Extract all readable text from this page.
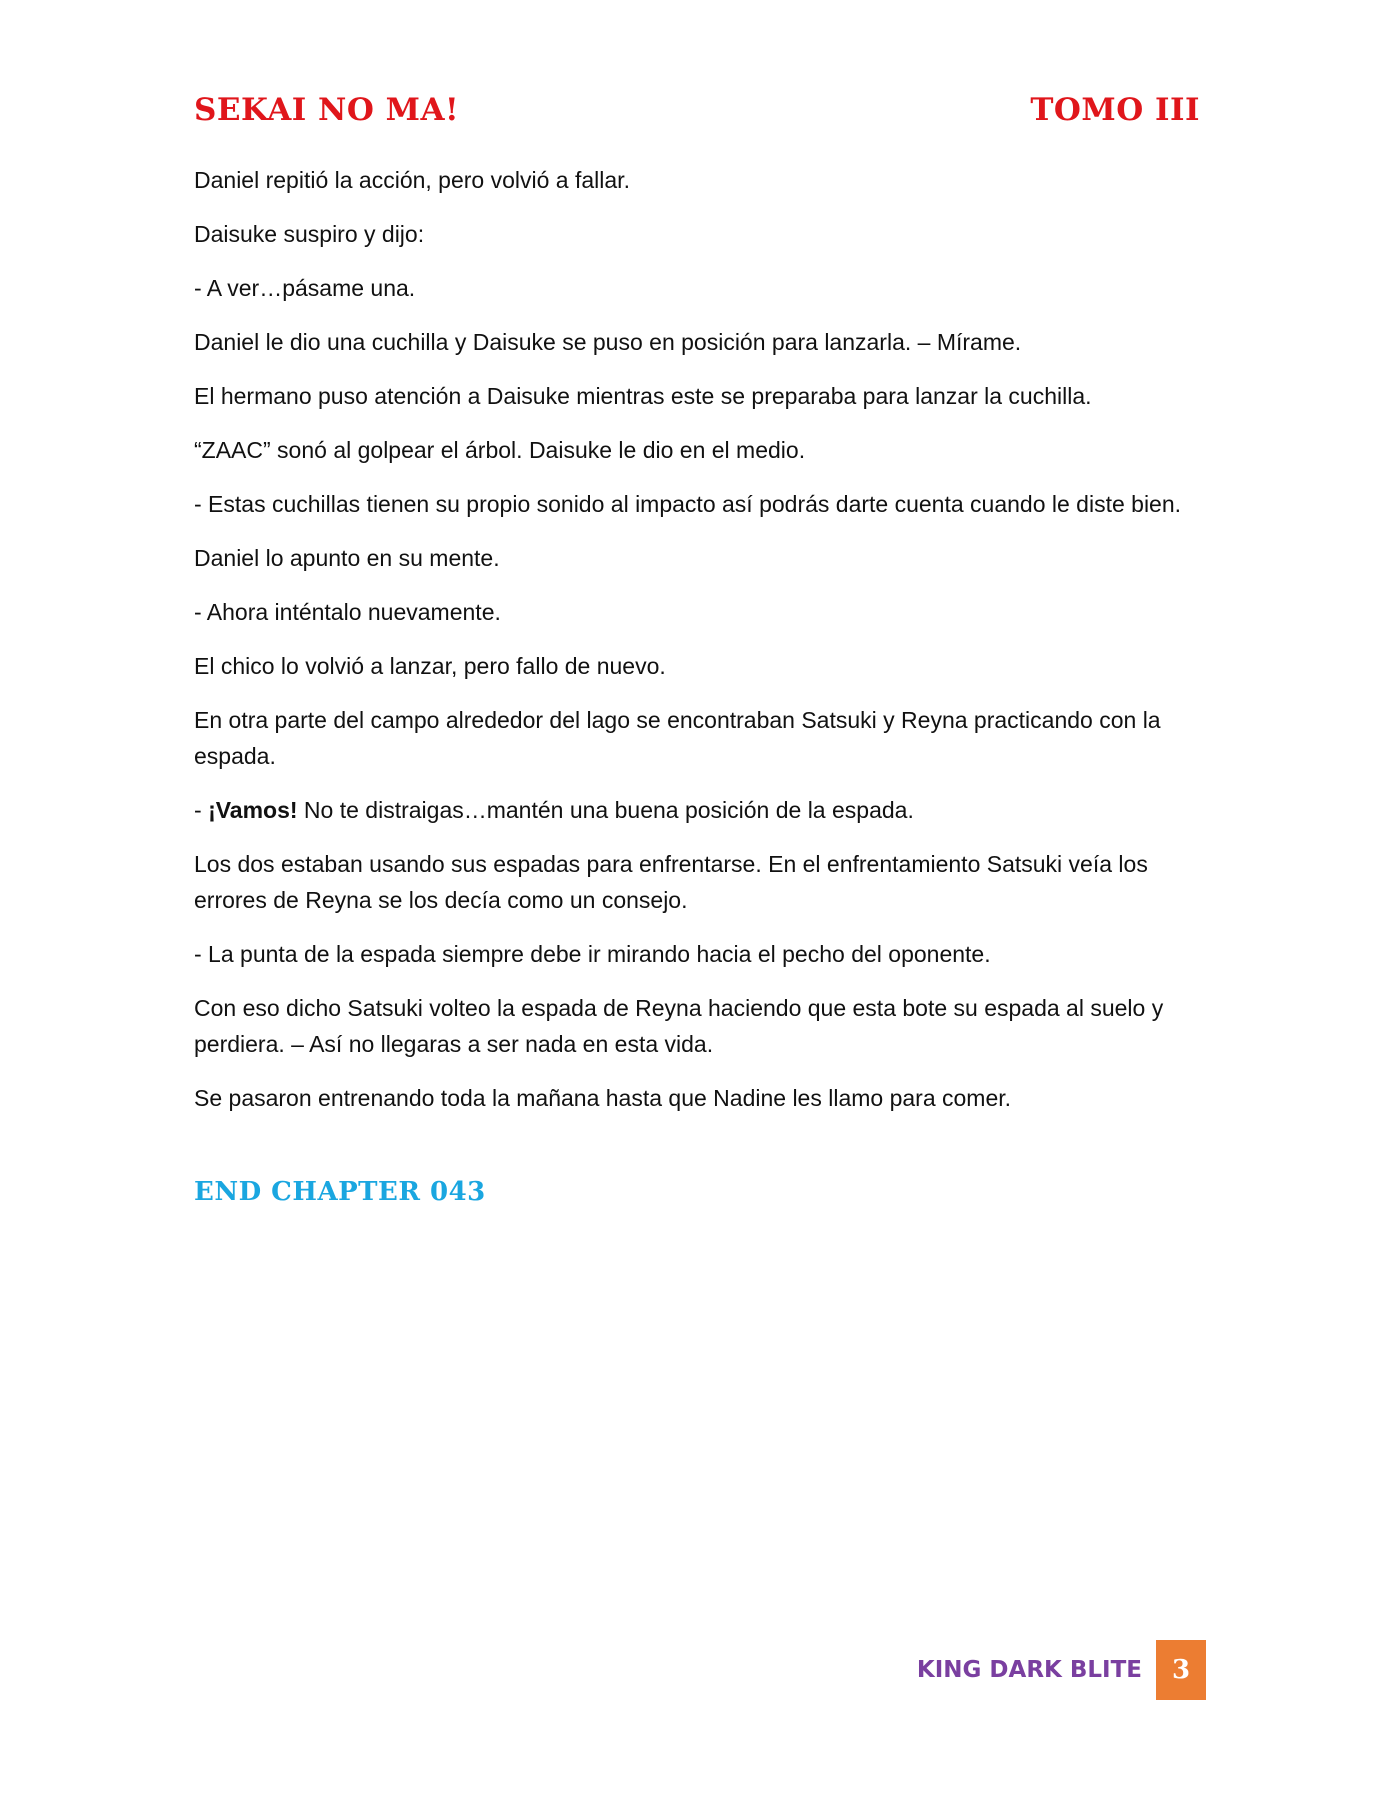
SEKAI NO MA!	TOMO III

Daniel repitió la acción, pero volvió a fallar.

Daisuke suspiro y dijo:

- A ver…pásame una.

Daniel le dio una cuchilla y Daisuke se puso en posición para lanzarla. – Mírame.

El hermano puso atención a Daisuke mientras este se preparaba para lanzar la cuchilla.

“ZAAC” sonó al golpear el árbol. Daisuke le dio en el medio.

- Estas cuchillas tienen su propio sonido al impacto así podrás darte cuenta cuando le diste bien.

Daniel lo apunto en su mente.

- Ahora inténtalo nuevamente.

El chico lo volvió a lanzar, pero fallo de nuevo.

En otra parte del campo alrededor del lago se encontraban Satsuki y Reyna practicando con la espada.

- ¡Vamos! No te distraigas…mantén una buena posición de la espada.

Los dos estaban usando sus espadas para enfrentarse. En el enfrentamiento Satsuki veía los errores de Reyna se los decía como un consejo.

- La punta de la espada siempre debe ir mirando hacia el pecho del oponente.

Con eso dicho Satsuki volteo la espada de Reyna haciendo que esta bote su espada al suelo y perdiera. – Así no llegaras a ser nada en esta vida.

Se pasaron entrenando toda la mañana hasta que Nadine les llamo para comer.

END CHAPTER 043
KING DARK BLITE	3
